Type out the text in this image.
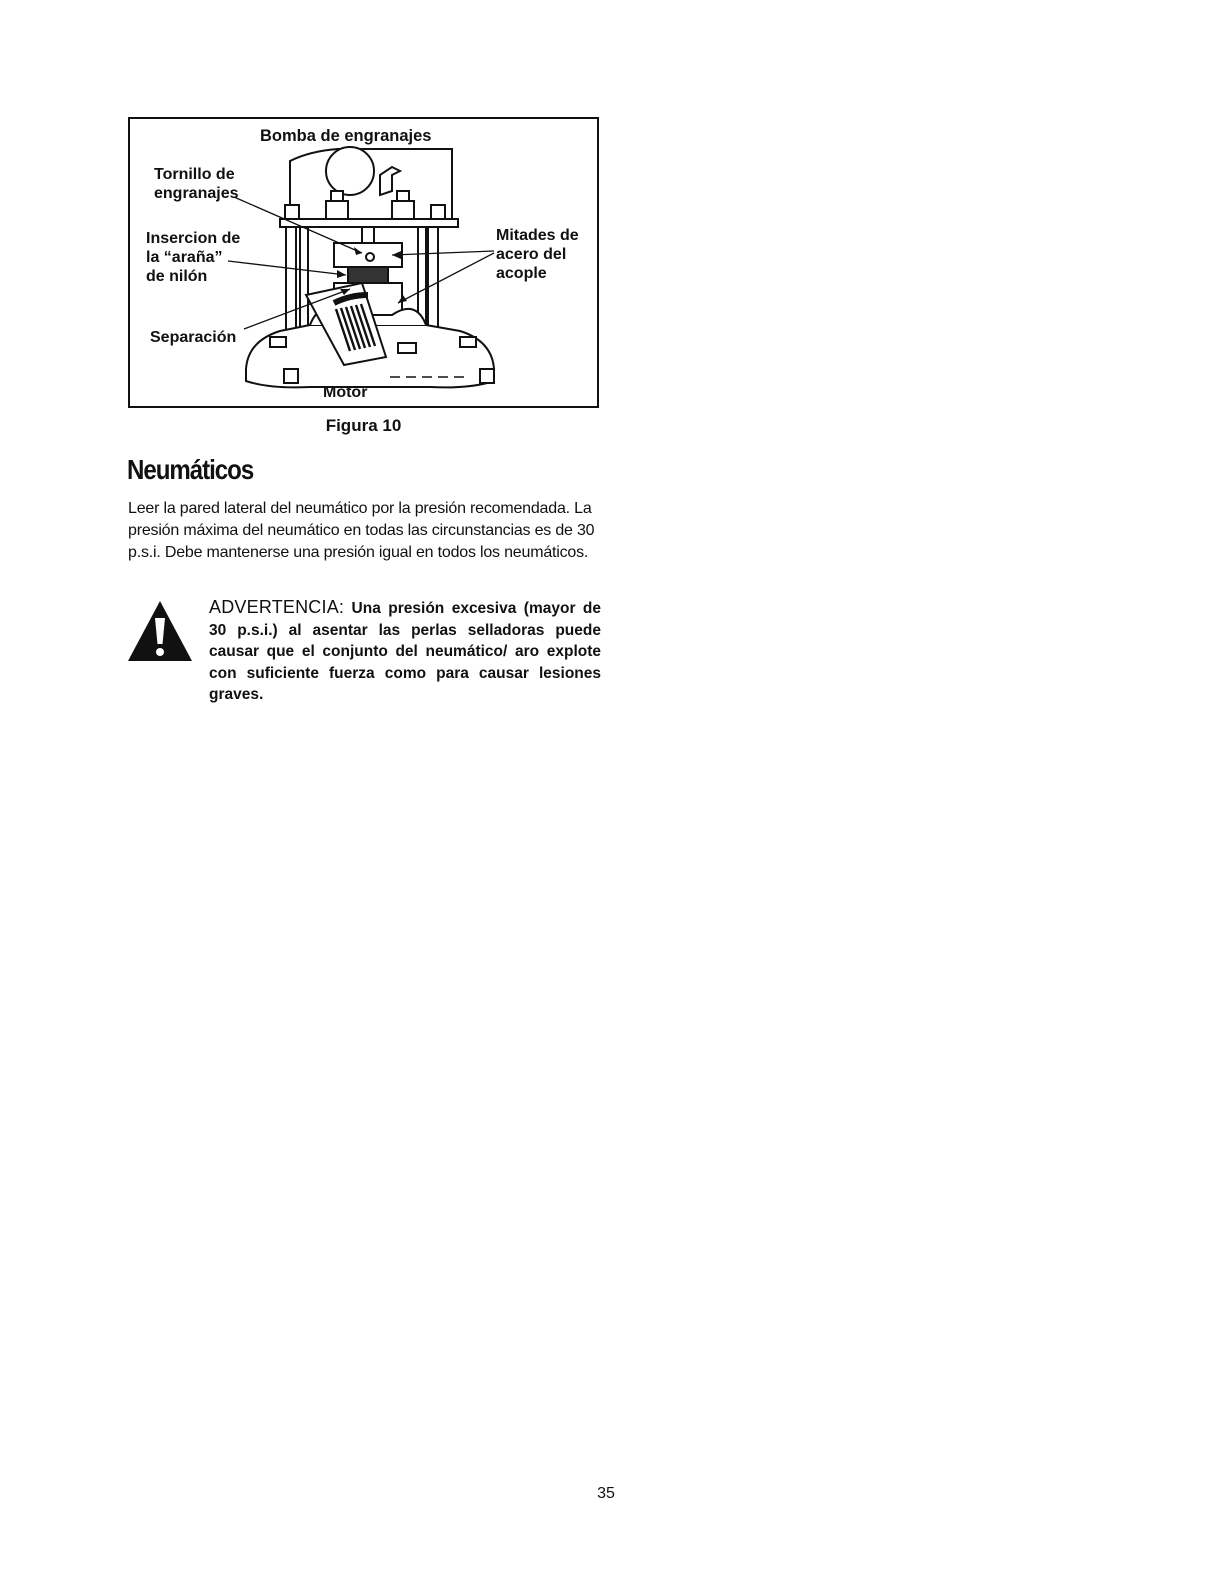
Bomba de engranajes

Tornillo de
engranajes

Insercion de
la “araña”
de nilón

Mitades de
acero del
acople

Separación

Motor

Figura 10

Neumáticos

Leer la pared lateral del neumático por la presión recomendada. La presión máxima del neumático en todas las circunstancias es de 30 p.s.i. Debe mantenerse una presión igual en todos los neumáticos.

ADVERTENCIA: Una presión excesiva (mayor de 30 p.s.i.) al asentar las perlas selladoras puede causar que el conjunto del neumático/ aro explote con suficiente fuerza como para causar lesiones graves.

35
